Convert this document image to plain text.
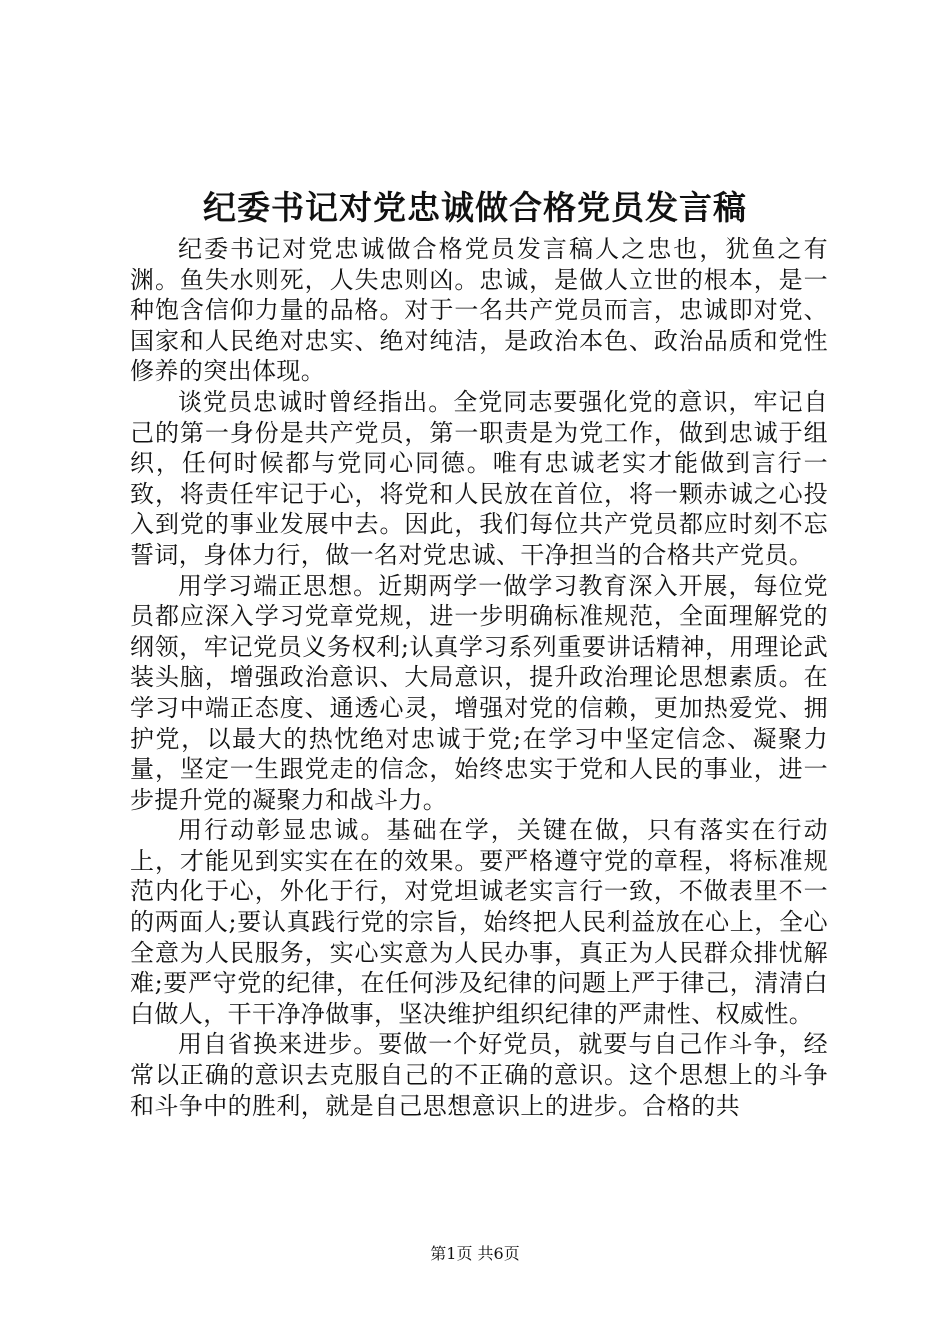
纪委书记对党忠诚做合格党员发言稿

纪委书记对党忠诚做合格党员发言稿人之忠也，犹鱼之有渊。鱼失水则死，人失忠则凶。忠诚，是做人立世的根本，是一种饱含信仰力量的品格。对于一名共产党员而言，忠诚即对党、国家和人民绝对忠实、绝对纯洁，是政治本色、政治品质和党性修养的突出体现。

谈党员忠诚时曾经指出。全党同志要强化党的意识，牢记自己的第一身份是共产党员，第一职责是为党工作，做到忠诚于组织，任何时候都与党同心同德。唯有忠诚老实才能做到言行一致，将责任牢记于心，将党和人民放在首位，将一颗赤诚之心投入到党的事业发展中去。因此，我们每位共产党员都应时刻不忘誓词，身体力行，做一名对党忠诚、干净担当的合格共产党员。

用学习端正思想。近期两学一做学习教育深入开展，每位党员都应深入学习党章党规，进一步明确标准规范，全面理解党的纲领，牢记党员义务权利;认真学习系列重要讲话精神，用理论武装头脑，增强政治意识、大局意识，提升政治理论思想素质。在学习中端正态度、通透心灵，增强对党的信赖，更加热爱党、拥护党，以最大的热忱绝对忠诚于党;在学习中坚定信念、凝聚力量，坚定一生跟党走的信念，始终忠实于党和人民的事业，进一步提升党的凝聚力和战斗力。

用行动彰显忠诚。基础在学，关键在做，只有落实在行动上，才能见到实实在在的效果。要严格遵守党的章程，将标准规范内化于心，外化于行，对党坦诚老实言行一致，不做表里不一的两面人;要认真践行党的宗旨，始终把人民利益放在心上，全心全意为人民服务，实心实意为人民办事，真正为人民群众排忧解难;要严守党的纪律，在任何涉及纪律的问题上严于律己，清清白白做人，干干净净做事，坚决维护组织纪律的严肃性、权威性。

用自省换来进步。要做一个好党员，就要与自己作斗争，经常以正确的意识去克服自己的不正确的意识。这个思想上的斗争和斗争中的胜利，就是自己思想意识上的进步。合格的共

第1页 共6页
